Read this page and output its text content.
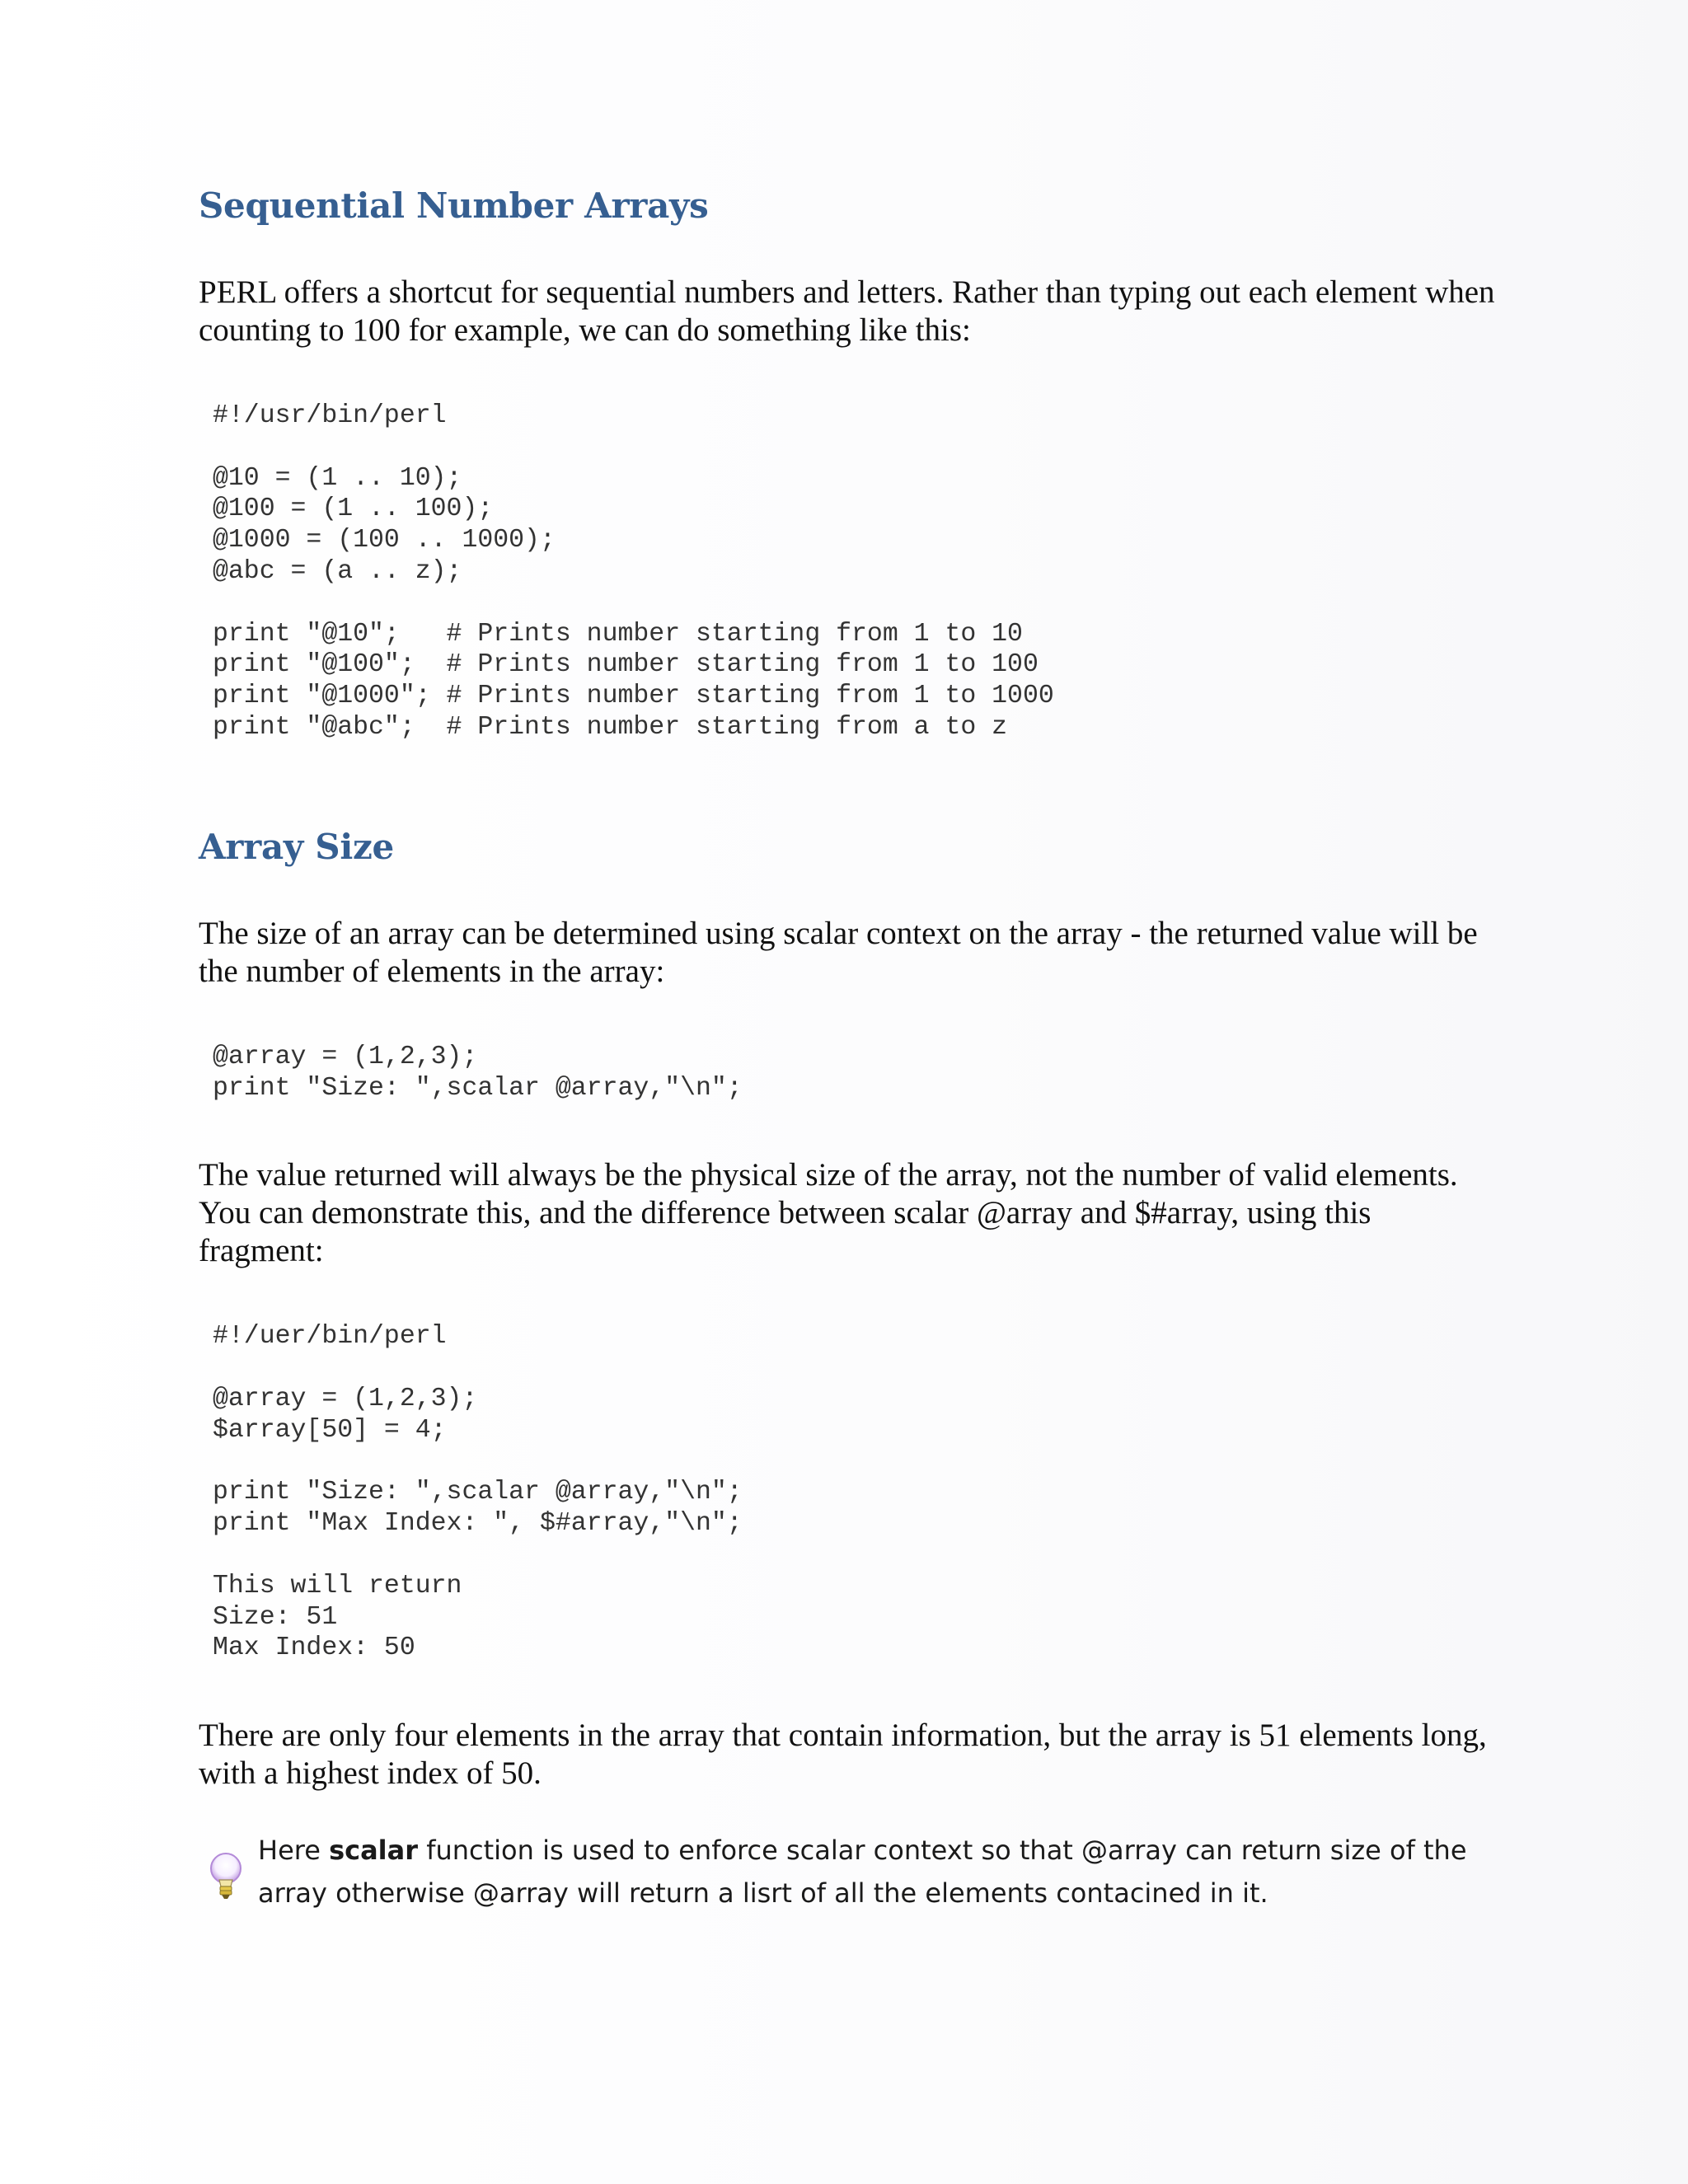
Sequential Number Arrays

PERL offers a shortcut for sequential numbers and letters. Rather than typing out each element when counting to 100 for example, we can do something like this:

#!/usr/bin/perl

@10 = (1 .. 10);
@100 = (1 .. 100);
@1000 = (100 .. 1000);
@abc = (a .. z);

print "@10";   # Prints number starting from 1 to 10
print "@100";  # Prints number starting from 1 to 100
print "@1000"; # Prints number starting from 1 to 1000
print "@abc";  # Prints number starting from a to z
Array Size

The size of an array can be determined using scalar context on the array - the returned value will be the number of elements in the array:

@array = (1,2,3);
print "Size: ",scalar @array,"\n";

The value returned will always be the physical size of the array, not the number of valid elements. You can demonstrate this, and the difference between scalar @array and $#array, using this fragment:

#!/uer/bin/perl

@array = (1,2,3);
$array[50] = 4;

print "Size: ",scalar @array,"\n";
print "Max Index: ", $#array,"\n";

This will return
Size: 51
Max Index: 50

There are only four elements in the array that contain information, but the array is 51 elements long, with a highest index of 50.

Here scalar function is used to enforce scalar context so that @array can return size of the array otherwise @array will return a lisrt of all the elements contacined in it.
